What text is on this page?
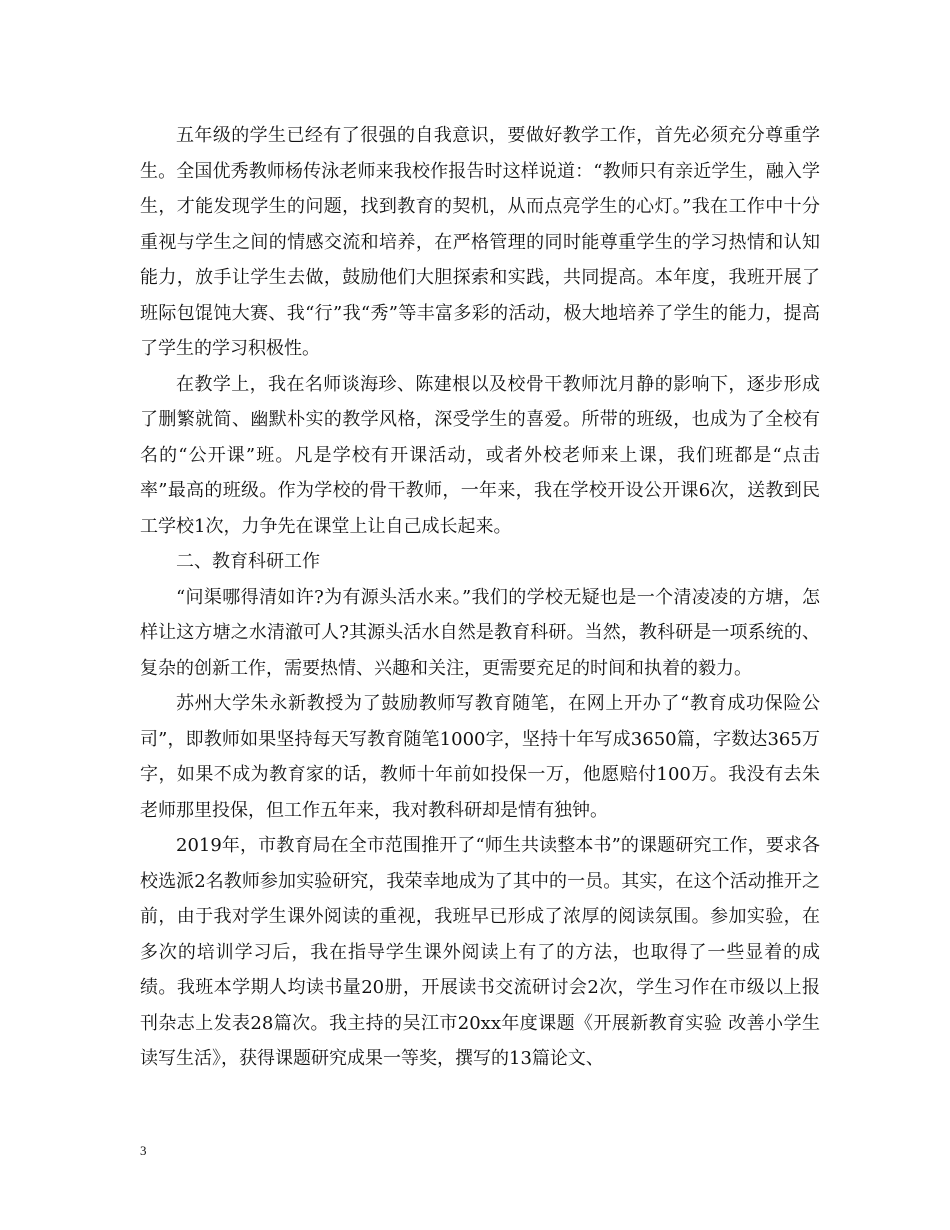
五年级的学生已经有了很强的自我意识，要做好教学工作，首先必须充分尊重学生。全国优秀教师杨传泳老师来我校作报告时这样说道：“教师只有亲近学生，融入学生，才能发现学生的问题，找到教育的契机，从而点亮学生的心灯。”我在工作中十分重视与学生之间的情感交流和培养，在严格管理的同时能尊重学生的学习热情和认知能力，放手让学生去做，鼓励他们大胆探索和实践，共同提高。本年度，我班开展了班际包馄饨大赛、我“行”我“秀”等丰富多彩的活动，极大地培养了学生的能力，提高了学生的学习积极性。

在教学上，我在名师谈海珍、陈建根以及校骨干教师沈月静的影响下，逐步形成了删繁就简、幽默朴实的教学风格，深受学生的喜爱。所带的班级，也成为了全校有名的“公开课”班。凡是学校有开课活动，或者外校老师来上课，我们班都是“点击率”最高的班级。作为学校的骨干教师，一年来，我在学校开设公开课6次，送教到民工学校1次，力争先在课堂上让自己成长起来。

二、教育科研工作

“问渠哪得清如许?为有源头活水来。”我们的学校无疑也是一个清凌凌的方塘，怎样让这方塘之水清澈可人?其源头活水自然是教育科研。当然，教科研是一项系统的、复杂的创新工作，需要热情、兴趣和关注，更需要充足的时间和执着的毅力。

苏州大学朱永新教授为了鼓励教师写教育随笔，在网上开办了“教育成功保险公司”，即教师如果坚持每天写教育随笔1000字，坚持十年写成3650篇，字数达365万字，如果不成为教育家的话，教师十年前如投保一万，他愿赔付100万。我没有去朱老师那里投保，但工作五年来，我对教科研却是情有独钟。

2019年，市教育局在全市范围推开了“师生共读整本书”的课题研究工作，要求各校选派2名教师参加实验研究，我荣幸地成为了其中的一员。其实，在这个活动推开之前，由于我对学生课外阅读的重视，我班早已形成了浓厚的阅读氛围。参加实验，在多次的培训学习后，我在指导学生课外阅读上有了的方法，也取得了一些显着的成绩。我班本学期人均读书量20册，开展读书交流研讨会2次，学生习作在市级以上报刊杂志上发表28篇次。我主持的吴江市20xx年度课题《开展新教育实验 改善小学生读写生活》，获得课题研究成果一等奖，撰写的13篇论文、

3
